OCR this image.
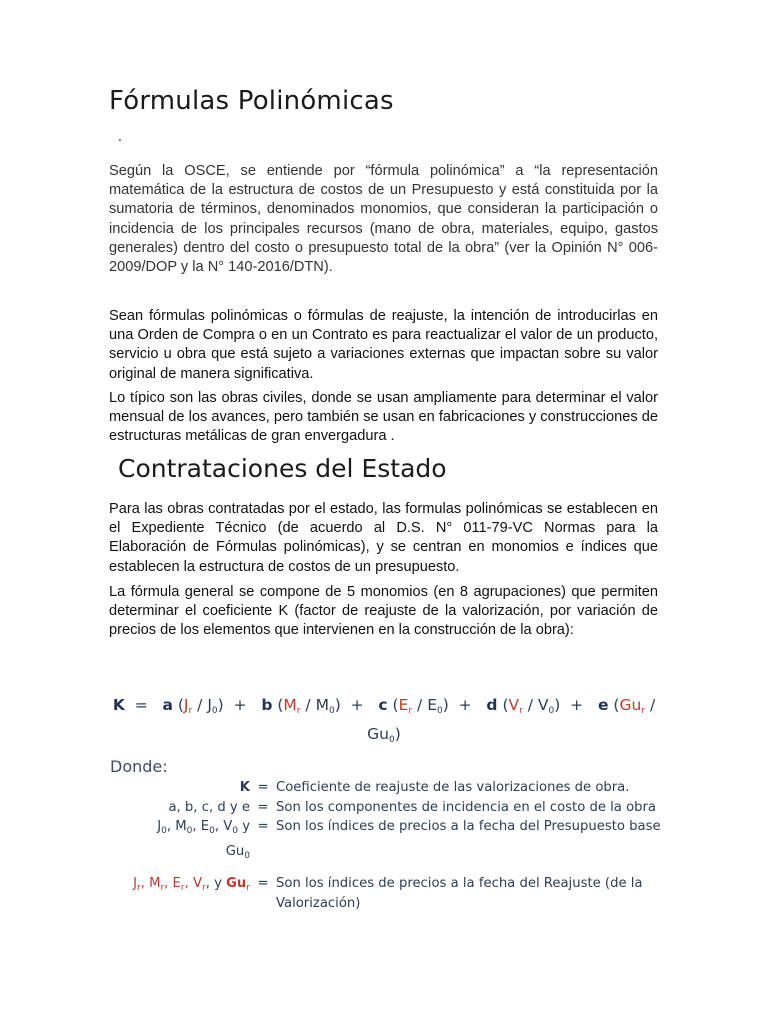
Fórmulas Polinómicas
.
Según la OSCE, se entiende por “fórmula polinómica” a “la representación matemática de la estructura de costos de un Presupuesto y está constituida por la sumatoria de términos, denominados monomios, que consideran la participación o incidencia de los principales recursos (mano de obra, materiales, equipo, gastos generales) dentro del costo o presupuesto total de la obra” (ver la Opinión N° 006-2009/DOP y la N° 140-2016/DTN).
Sean fórmulas polinómicas o fórmulas de reajuste, la intención de introducirlas en una Orden de Compra o en un Contrato es para reactualizar el valor de un producto, servicio u obra que está sujeto a variaciones externas que impactan sobre su valor original de manera significativa.
Lo típico son las obras civiles, donde se usan ampliamente para determinar el valor mensual de los avances, pero también se usan en fabricaciones y construcciones de estructuras metálicas de gran envergadura .
Contrataciones del Estado
Para las obras contratadas por el estado, las formulas polinómicas se establecen en el Expediente Técnico (de acuerdo al D.S. N° 011-79-VC Normas para la Elaboración de Fórmulas polinómicas), y se centran en monomios e índices que establecen la estructura de costos de un presupuesto.
La fórmula general se compone de 5 monomios (en 8 agrupaciones) que permiten determinar el coeficiente K (factor de reajuste de la valorización, por variación de precios de los elementos que intervienen en la construcción de la obra):
K = a $(J_r / J_0) + b$ $(M_r / M_0) + c$ $(E_r / E_0) + d$ $(V_r / V_0) + e$ $(Gu_r / Gu_0)$
Donde:
K = Coeficiente de reajuste de las valorizaciones de obra.
a, b, c, d y e = Son los componentes de incidencia en el costo de la obra
$J_0$, $M_0$, $E_0$, $V_0$ y
$Gu_0$
= Son los índices de precios a la fecha del Presupuesto base
$J_r$, $M_r$, $E_r$, $V_r$, y $Gu_r$ = Son los índices de precios a la fecha del Reajuste (de la Valorización)
